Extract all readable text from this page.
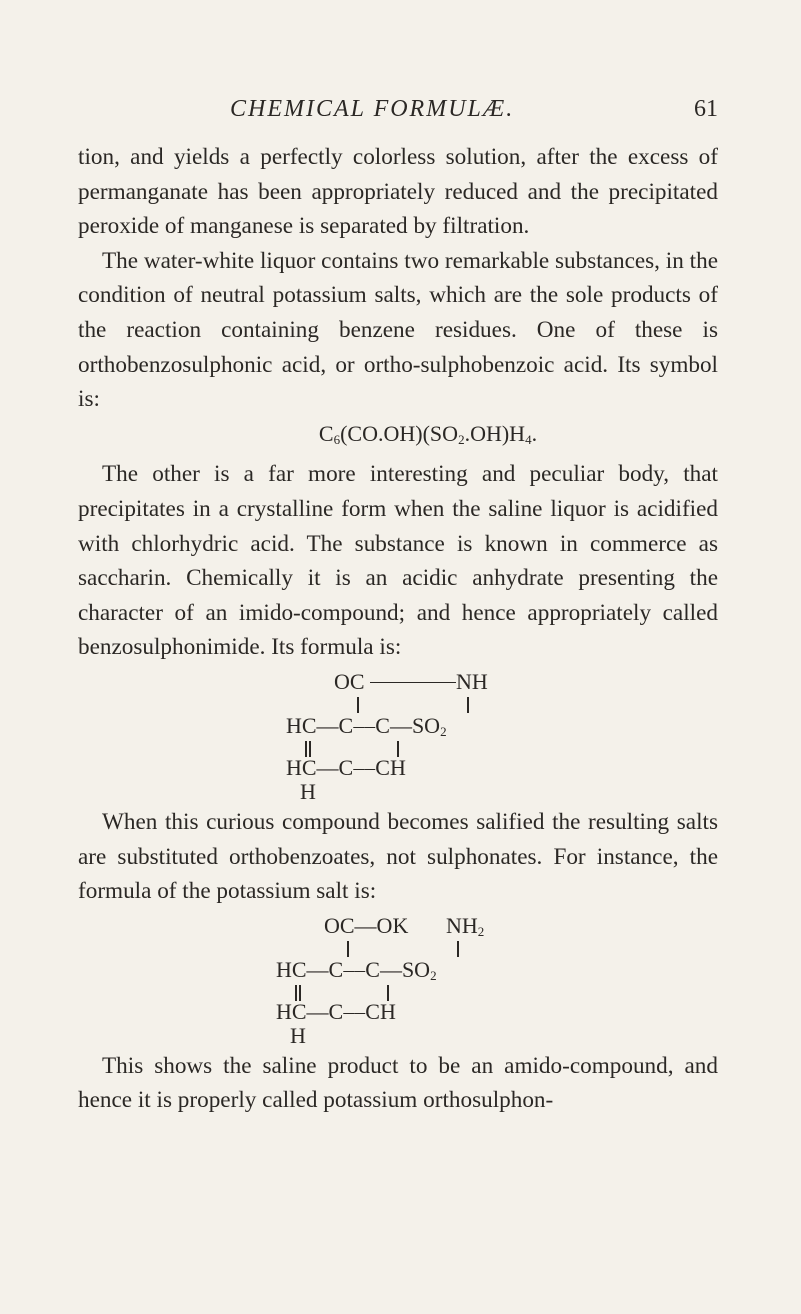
CHEMICAL FORMULÆ.	61

tion, and yields a perfectly colorless solution, after the excess of permanganate has been appropriately reduced and the precipitated peroxide of manganese is separated by filtration.

The water-white liquor contains two remarkable substances, in the condition of neutral potassium salts, which are the sole products of the reaction containing benzene residues. One of these is orthobenzosulphonic acid, or ortho-sulphobenzoic acid. Its symbol is:

$C_6(CO.OH)(SO_2.OH)H_4$.

The other is a far more interesting and peculiar body, that precipitates in a crystalline form when the saline liquor is acidified with chlorhydric acid. The substance is known in commerce as saccharin. Chemically it is an acidic anhydrate presenting the character of an imido-compound; and hence appropriately called benzosulphonimide. Its formula is:

OC	NH
$HC—C⎯⎯C—SO_2$
HC—C⎯⎯CH
H

When this curious compound becomes salified the resulting salts are substituted orthobenzoates, not sulphonates. For instance, the formula of the potassium salt is:

OC—OK $NH_2$
$HC—C⎯⎯C—SO_2$
HC—C⎯⎯CH
H

This shows the saline product to be an amido-compound, and hence it is properly called potassium orthosulphon-
